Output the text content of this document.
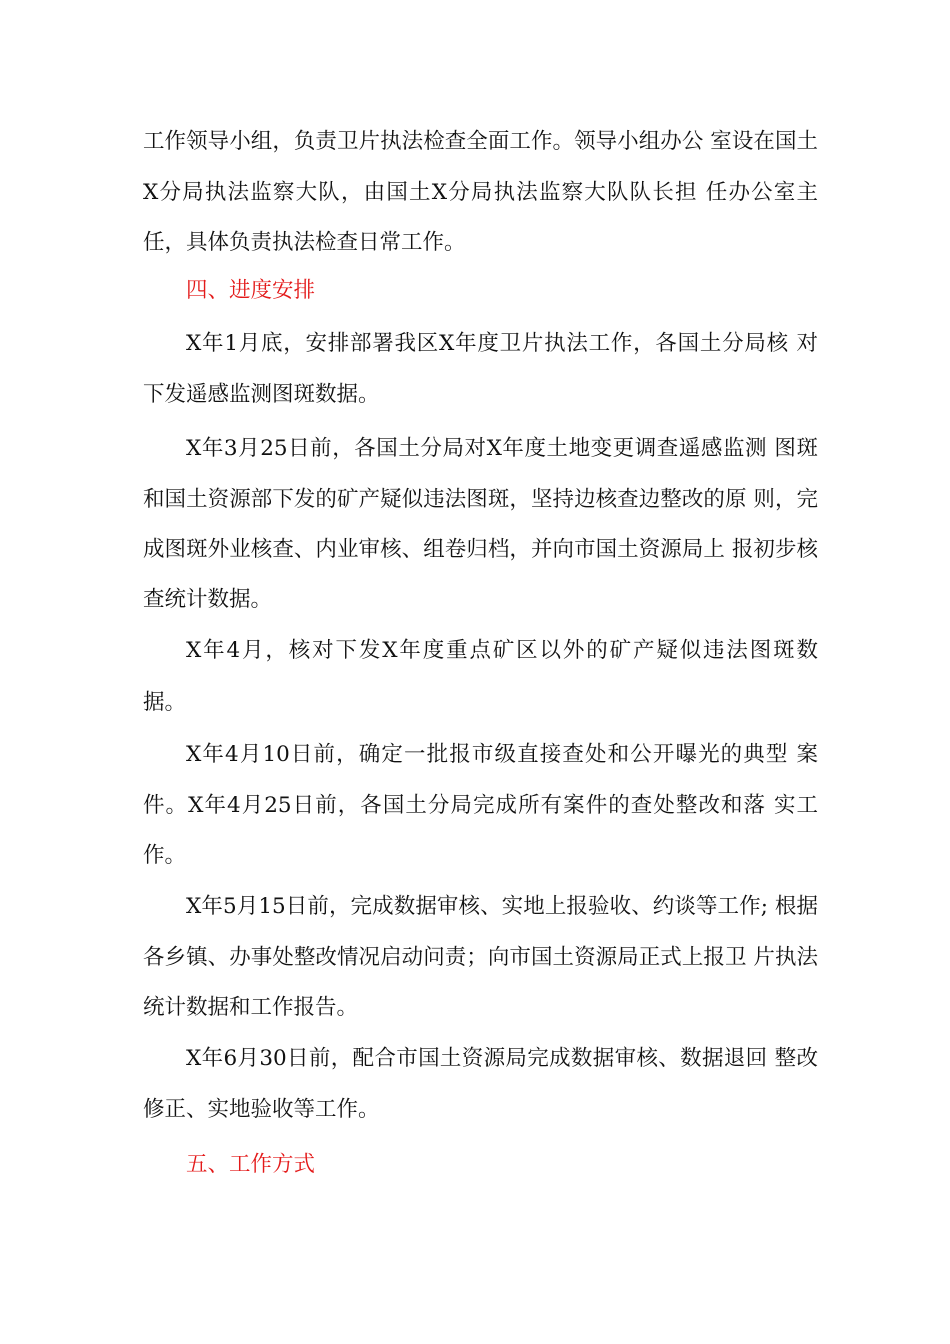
工作领导小组，负责卫片执法检查全面工作。领导小组办公 室设在国土
X分局执法监察大队，由国土X分局执法监察大队队长担 任办公室主
任，具体负责执法检查日常工作。
四、进度安排
X年1月底，安排部署我区X年度卫片执法工作，各国土分局核 对
下发遥感监测图斑数据。
X年3月25日前，各国土分局对X年度土地变更调查遥感监测 图斑
和国土资源部下发的矿产疑似违法图斑，坚持边核查边整改的原 则，完
成图斑外业核查、内业审核、组卷归档，并向市国土资源局上 报初步核
查统计数据。
X年4月，核对下发X年度重点矿区以外的矿产疑似违法图斑数
据。
X年4月10日前，确定一批报市级直接查处和公开曝光的典型 案
件。X年4月25日前，各国土分局完成所有案件的查处整改和落 实工
作。
X年5月15日前，完成数据审核、实地上报验收、约谈等工作; 根据
各乡镇、办事处整改情况启动问责；向市国土资源局正式上报卫 片执法
统计数据和工作报告。
X年6月30日前，配合市国土资源局完成数据审核、数据退回 整改
修正、实地验收等工作。
五、工作方式
